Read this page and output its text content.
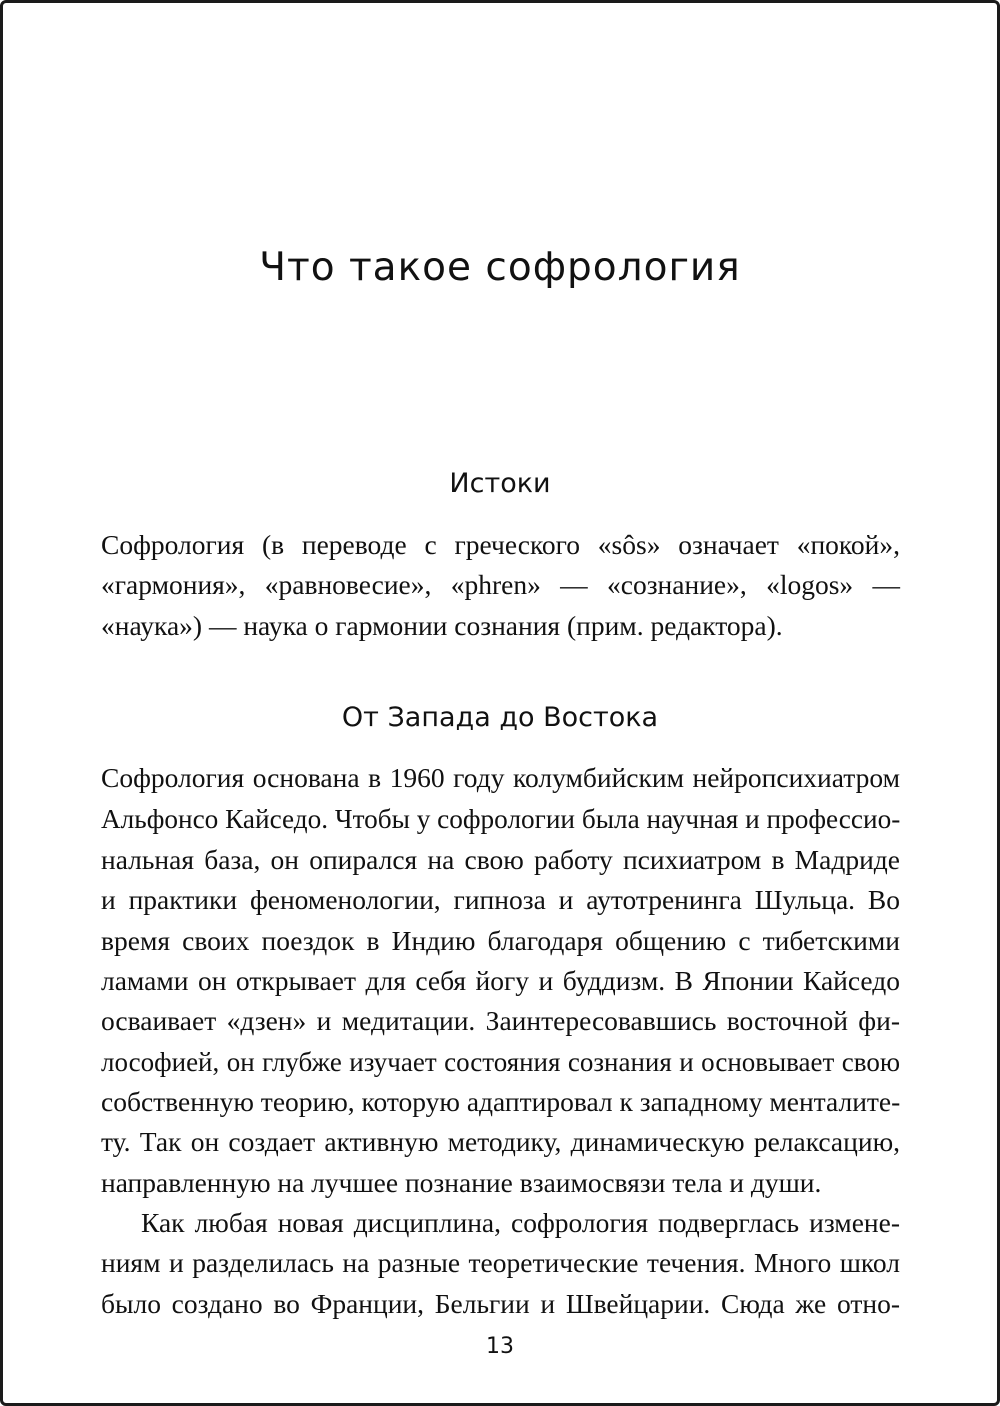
Что такое софрология
Истоки

Софрология (в переводе с греческого «sôs» означает «покой»,

«гармония», «равновесие», «phren» — «сознание», «logos» —

«наука») — наука о гармонии сознания (прим. редактора).

От Запада до Востока

Софрология основана в 1960 году колумбийским нейропсихиатром

Альфонсо Кайседо. Чтобы у софрологии была научная и профессио-

нальная база, он опирался на свою работу психиатром в Мадриде

и практики феноменологии, гипноза и аутотренинга Шульца. Во

время своих поездок в Индию благодаря общению с тибетскими

ламами он открывает для себя йогу и буддизм. В Японии Кайседо

осваивает «дзен» и медитации. Заинтересовавшись восточной фи-

лософией, он глубже изучает состояния сознания и основывает свою

собственную теорию, которую адаптировал к западному менталите-

ту. Так он создает активную методику, динамическую релаксацию,

направленную на лучшее познание взаимосвязи тела и души.

Как любая новая дисциплина, софрология подверглась измене-

ниям и разделилась на разные теоретические течения. Много школ

было создано во Франции, Бельгии и Швейцарии. Сюда же отно-

13
